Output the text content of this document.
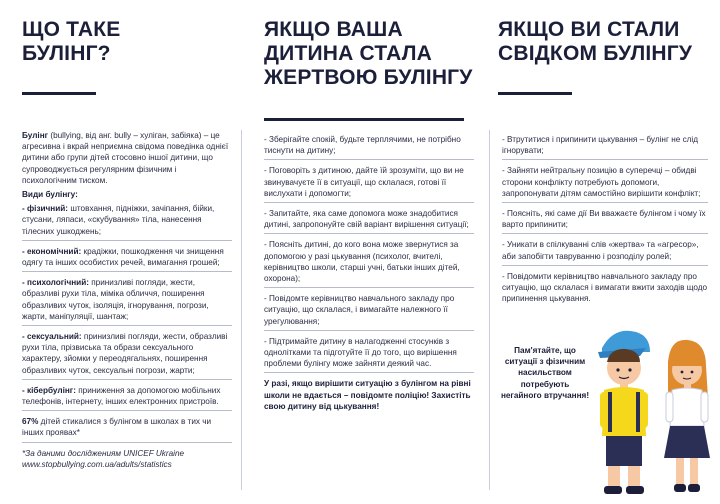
ЩО ТАКЕ
БУЛІНГ?
Булінг (bullying, від анг. bully – хуліган, забіяка) – це агресивна і вкрай неприємна свідома поведінка однієї дитини або групи дітей стосовно іншої дитини, що супроводжується регулярним фізичним і психологічним тиском.
Види булінгу:
- фізичний: штовхання, підніжки, зачіпання, бійки, стусани, ляпаси, «скубування» тіла, нанесення тілесних ушкоджень;
- економічний: крадіжки, пошкодження чи знищення одягу та інших особистих речей, вимагання грошей;
- психологічний: принизливі погляди, жести, образливі рухи тіла, міміка обличчя, поширення образливих чуток, ізоляція, ігнорування, погрози, жарти, маніпуляції, шантаж;
- сексуальний: принизливі погляди, жести, образливі рухи тіла, прізвиська та образи сексуального характеру, зйомки у переодягальнях, поширення образливих чуток, сексуальні погрози, жарти;
- кібербулінг: приниження за допомогою мобільних телефонів, інтернету, інших електронних пристроїв.
67% дітей стикалися з булінгом в школах в тих чи інших проявах*
*За даними досліджениям UNICEF Ukraine
www.stopbullying.com.ua/adults/statistics
ЯКЩО ВАША
ДИТИНА СТАЛА
ЖЕРТВОЮ БУЛІНГУ
- Зберігайте спокій, будьте терплячими, не потрібно тиснути на дитину;
- Поговоріть з дитиною, дайте їй зрозуміти, що ви не звинувачуєте її в ситуації, що склалася, готові її вислухати і допомогти;
- Запитайте, яка саме допомога може знадобитися дитині, запропонуйте свій варіант вирішення ситуації;
- Поясніть дитині, до кого вона може звернутися за допомогою у разі цькування (психолог, вчителі, керівництво школи, старші учні, батьки інших дітей, охорона);
- Повідомте керівництво навчального закладу про ситуацію, що склалася, і вимагайте належного її урегулювання;
- Підтримайте дитину в налагодженні стосунків з однолітками та підготуйте її до того, що вирішення проблеми булінгу може зайняти деякий час.
У разі, якщо вирішити ситуацію з булінгом на рівні школи не вдається – повідомте поліцію! Захистіть свою дитину від цькування!
ЯКЩО ВИ СТАЛИ
СВІДКОМ БУЛІНГУ
- Втрутитися і припинити цькування – булінг не слід ігнорувати;
- Зайняти нейтральну позицію в суперечці – обидві сторони конфлікту потребують допомоги, запропонувати дітям самостійно вирішити конфлікт;
- Поясніть, які саме дії Ви вважаєте булінгом і чому їх варто припинити;
- Уникати в спілкуванні слів «жертва» та «агресор», аби запобігти тавруванню і розподілу ролей;
- Повідомити керівництво навчального закладу про ситуацію, що склалася і вимагати вжити заходів щодо припинення цькування.
Пам'ятайте, що ситуації з фізичним насильством потребують негайного втручання!
